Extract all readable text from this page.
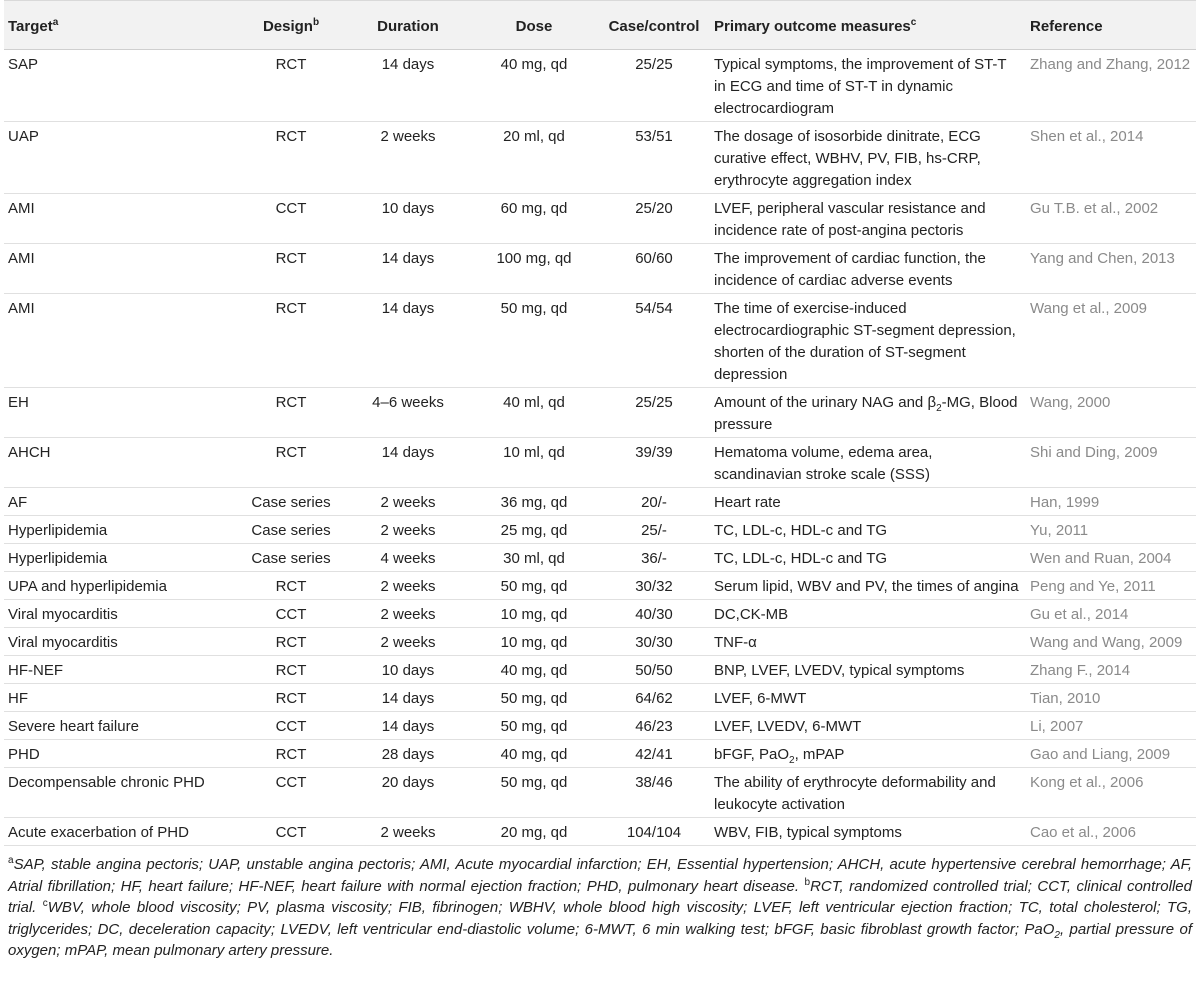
Target$^a$	Design$^b$	Duration	Dose	Case/control	Primary outcome measures$^c$	Reference
SAP	RCT	14 days	40 mg, qd	25/25	Typical symptoms, the improvement of ST-T in ECG and time of ST-T in dynamic electrocardiogram	Zhang and Zhang, 2012
UAP	RCT	2 weeks	20 ml, qd	53/51	The dosage of isosorbide dinitrate, ECG curative effect, WBHV, PV, FIB, hs-CRP, erythrocyte aggregation index	Shen et al., 2014
AMI	CCT	10 days	60 mg, qd	25/20	LVEF, peripheral vascular resistance and incidence rate of post-angina pectoris	Gu T.B. et al., 2002
AMI	RCT	14 days	100 mg, qd	60/60	The improvement of cardiac function, the incidence of cardiac adverse events	Yang and Chen, 2013
AMI	RCT	14 days	50 mg, qd	54/54	The time of exercise-induced electrocardiographic ST-segment depression, shorten of the duration of ST-segment depression	Wang et al., 2009
EH	RCT	4–6 weeks	40 ml, qd	25/25	Amount of the urinary NAG and $\beta_2-MG$, Blood pressure	Wang, 2000
AHCH	RCT	14 days	10 ml, qd	39/39	Hematoma volume, edema area, scandinavian stroke scale (SSS)	Shi and Ding, 2009
AF	Case series	2 weeks	36 mg, qd	20/-	Heart rate	Han, 1999
Hyperlipidemia	Case series	2 weeks	25 mg, qd	25/-	TC, LDL-c, HDL-c and TG	Yu, 2011
Hyperlipidemia	Case series	4 weeks	30 ml, qd	36/-	TC, LDL-c, HDL-c and TG	Wen and Ruan, 2004
UPA and hyperlipidemia	RCT	2 weeks	50 mg, qd	30/32	Serum lipid, WBV and PV, the times of angina	Peng and Ye, 2011
Viral myocarditis	CCT	2 weeks	10 mg, qd	40/30	DC,CK-MB	Gu et al., 2014
Viral myocarditis	RCT	2 weeks	10 mg, qd	30/30	TNF-α	Wang and Wang, 2009
HF-NEF	RCT	10 days	40 mg, qd	50/50	BNP, LVEF, LVEDV, typical symptoms	Zhang F., 2014
HF	RCT	14 days	50 mg, qd	64/62	LVEF, 6-MWT	Tian, 2010
Severe heart failure	CCT	14 days	50 mg, qd	46/23	LVEF, LVEDV, 6-MWT	Li, 2007
PHD	RCT	28 days	40 mg, qd	42/41	bFGF, PaO$_2$, mPAP	Gao and Liang, 2009
Decompensable chronic PHD	CCT	20 days	50 mg, qd	38/46	The ability of erythrocyte deformability and leukocyte activation	Kong et al., 2006
Acute exacerbation of PHD	CCT	2 weeks	20 mg, qd	104/104	WBV, FIB, typical symptoms	Cao et al., 2006
$^a$SAP, stable angina pectoris; UAP, unstable angina pectoris; AMI, Acute myocardial infarction; EH, Essential hypertension; AHCH, acute hypertensive cerebral hemorrhage; AF, Atrial fibrillation; HF, heart failure; HF-NEF, heart failure with normal ejection fraction; PHD, pulmonary heart disease. $^b$RCT, randomized controlled trial; CCT, clinical controlled trial. $^c$WBV, whole blood viscosity; PV, plasma viscosity; FIB, fibrinogen; WBHV, whole blood high viscosity; LVEF, left ventricular ejection fraction; TC, total cholesterol; TG, triglycerides; DC, deceleration capacity; LVEDV, left ventricular end-diastolic volume; 6-MWT, 6 min walking test; bFGF, basic fibroblast growth factor; PaO$_2$, partial pressure of oxygen; mPAP, mean pulmonary artery pressure.
